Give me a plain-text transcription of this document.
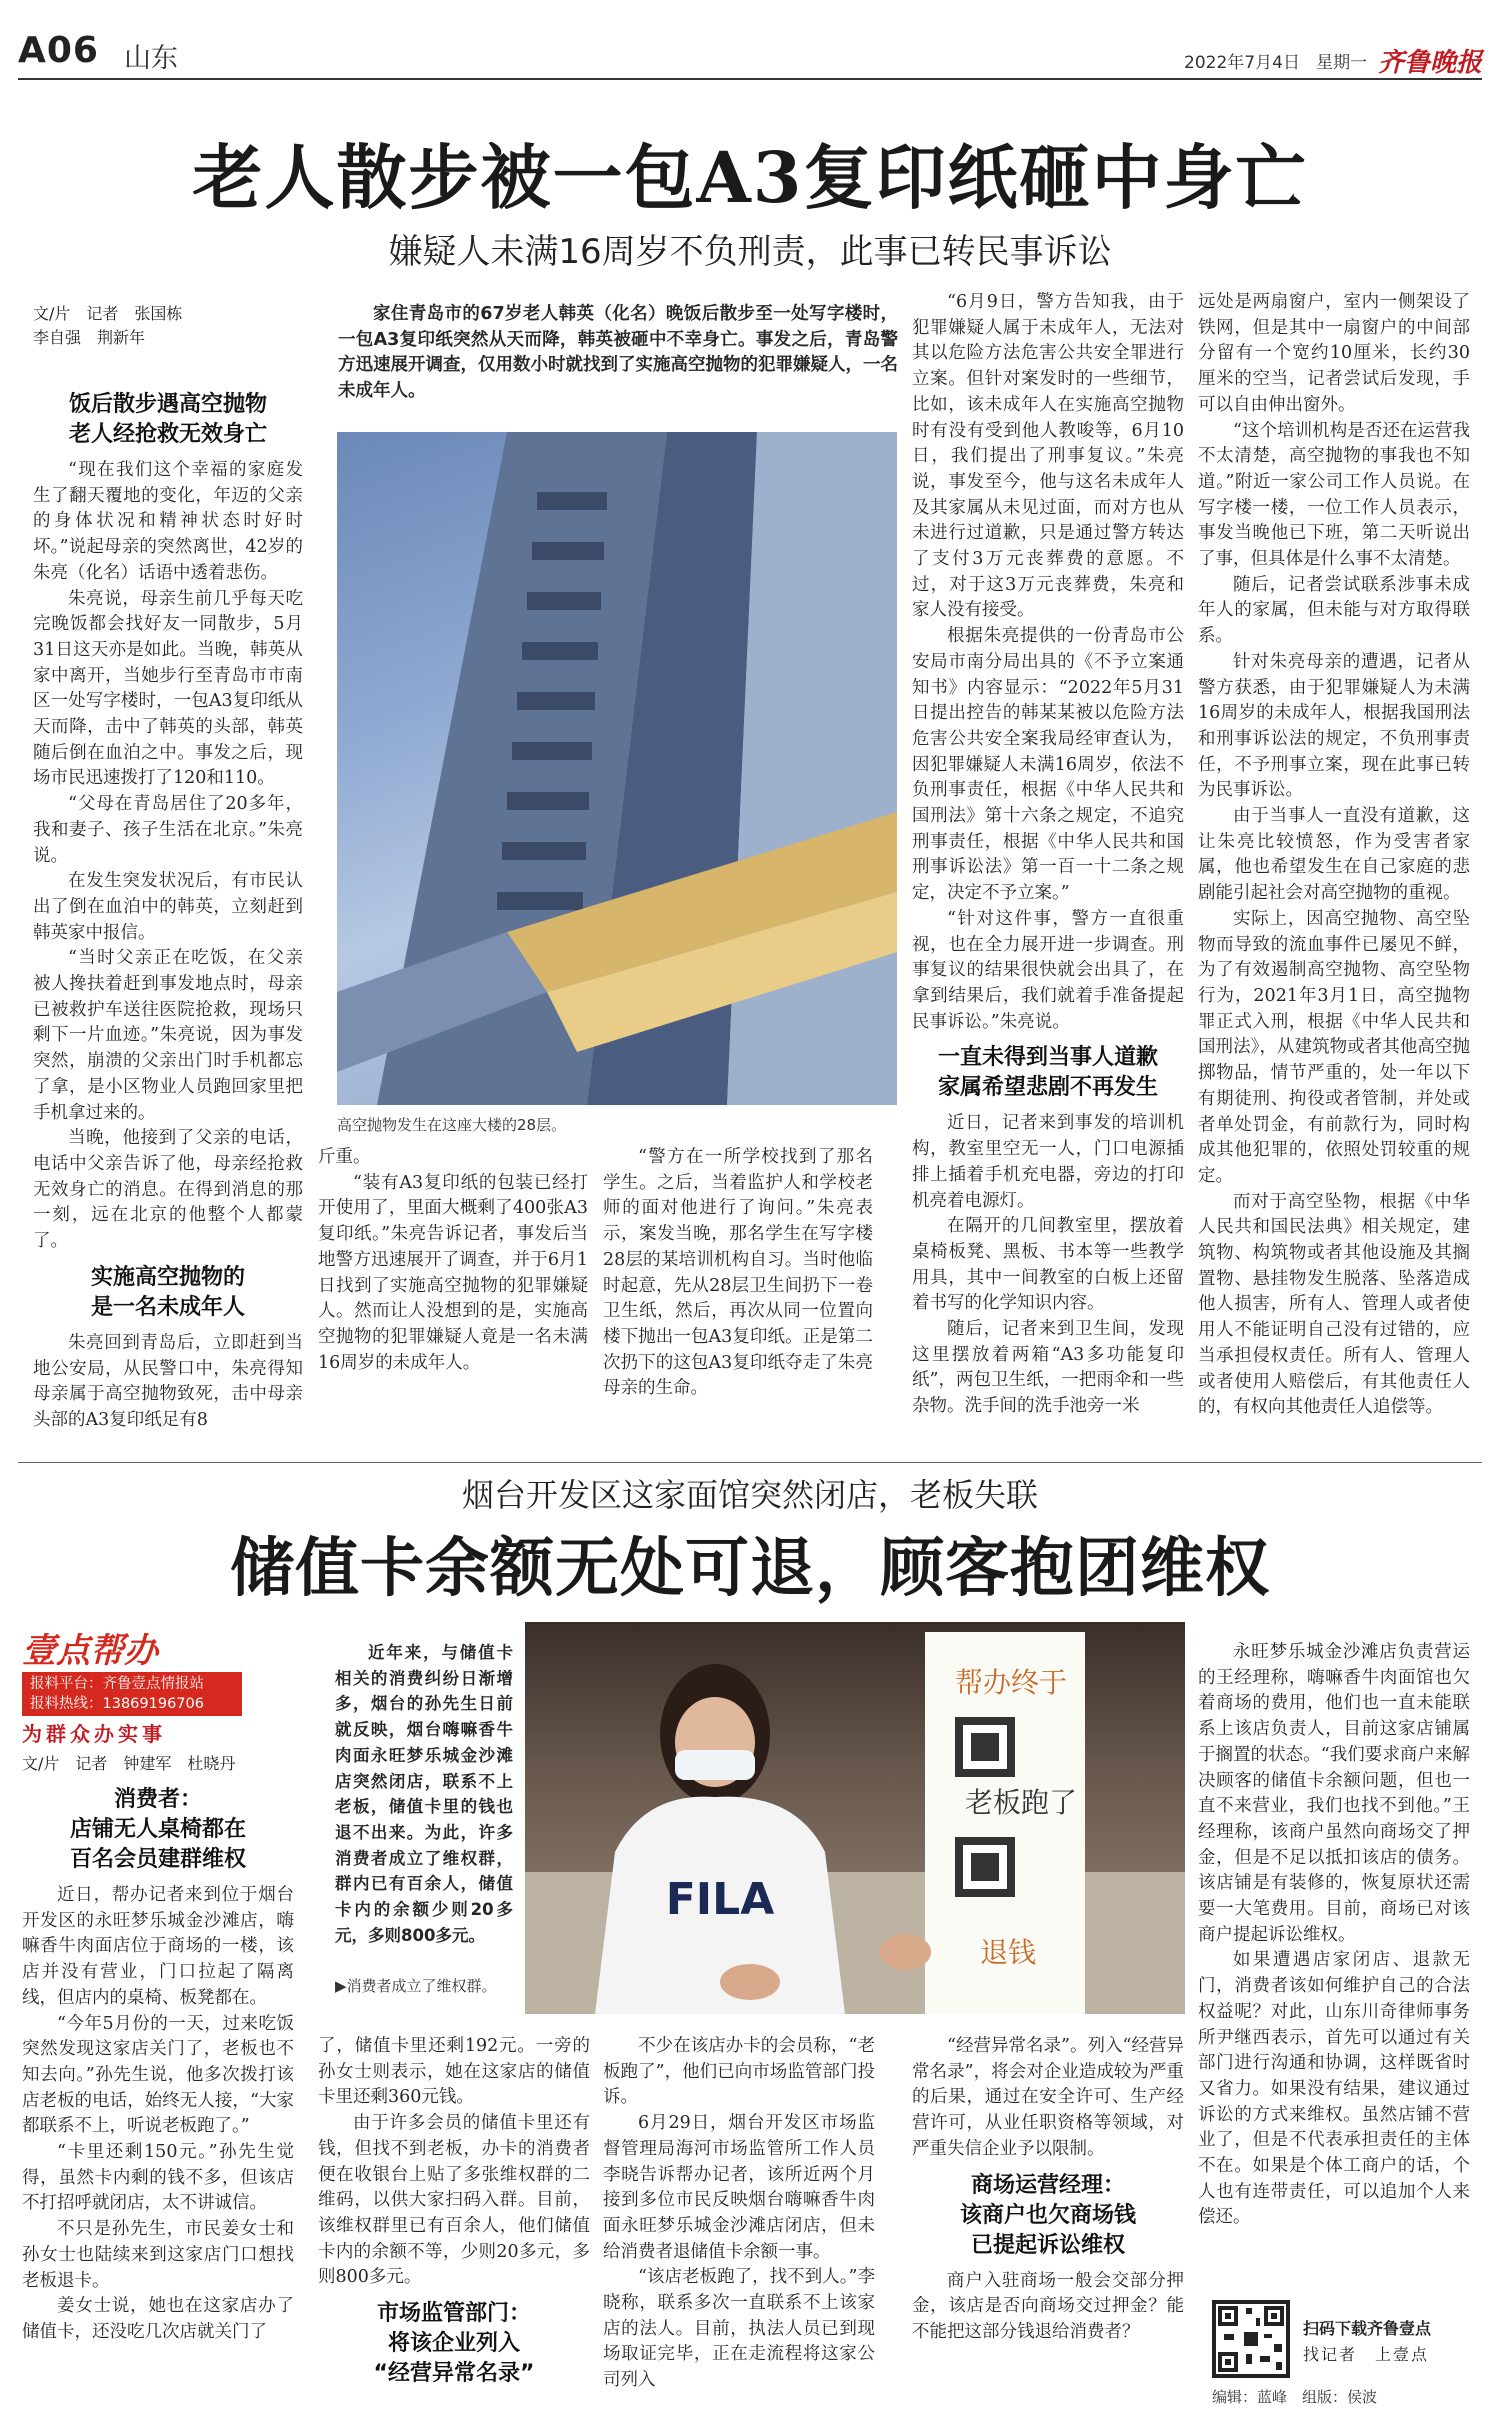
A06 山东	2022年7月4日 星期一 齐鲁晚报
老人散步被一包A3复印纸砸中身亡
嫌疑人未满16周岁不负刑责，此事已转民事诉讼
文/片　记者　张国栋
李自强　荆新年

家住青岛市的67岁老人韩英（化名）晚饭后散步至一处写字楼时，一包A3复印纸突然从天而降，韩英被砸中不幸身亡。事发之后，青岛警方迅速展开调查，仅用数小时就找到了实施高空抛物的犯罪嫌疑人，一名未成年人。

高空抛物发生在这座大楼的28层。
饭后散步遇高空抛物
老人经抢救无效身亡

“现在我们这个幸福的家庭发生了翻天覆地的变化，年迈的父亲的身体状况和精神状态时好时坏。”说起母亲的突然离世，42岁的朱亮（化名）话语中透着悲伤。

朱亮说，母亲生前几乎每天吃完晚饭都会找好友一同散步，5月31日这天亦是如此。当晚，韩英从家中离开，当她步行至青岛市市南区一处写字楼时，一包A3复印纸从天而降，击中了韩英的头部，韩英随后倒在血泊之中。事发之后，现场市民迅速拨打了120和110。

“父母在青岛居住了20多年，我和妻子、孩子生活在北京。”朱亮说。

在发生突发状况后，有市民认出了倒在血泊中的韩英，立刻赶到韩英家中报信。

“当时父亲正在吃饭，在父亲被人搀扶着赶到事发地点时，母亲已被救护车送往医院抢救，现场只剩下一片血迹。”朱亮说，因为事发突然，崩溃的父亲出门时手机都忘了拿，是小区物业人员跑回家里把手机拿过来的。

当晚，他接到了父亲的电话，电话中父亲告诉了他，母亲经抢救无效身亡的消息。在得到消息的那一刻，远在北京的他整个人都蒙了。

实施高空抛物的
是一名未成年人

朱亮回到青岛后，立即赶到当地公安局，从民警口中，朱亮得知母亲属于高空抛物致死，击中母亲头部的A3复印纸足有8

斤重。

“装有A3复印纸的包装已经打开使用了，里面大概剩了400张A3复印纸。”朱亮告诉记者，事发后当地警方迅速展开了调查，并于6月1日找到了实施高空抛物的犯罪嫌疑人。然而让人没想到的是，实施高空抛物的犯罪嫌疑人竟是一名未满16周岁的未成年人。

“警方在一所学校找到了那名学生。之后，当着监护人和学校老师的面对他进行了询问。”朱亮表示，案发当晚，那名学生在写字楼28层的某培训机构自习。当时他临时起意，先从28层卫生间扔下一卷卫生纸，然后，再次从同一位置向楼下抛出一包A3复印纸。正是第二次扔下的这包A3复印纸夺走了朱亮母亲的生命。

“6月9日，警方告知我，由于犯罪嫌疑人属于未成年人，无法对其以危险方法危害公共安全罪进行立案。但针对案发时的一些细节，比如，该未成年人在实施高空抛物时有没有受到他人教唆等，6月10日，我们提出了刑事复议。”朱亮说，事发至今，他与这名未成年人及其家属从未见过面，而对方也从未进行过道歉，只是通过警方转达了支付3万元丧葬费的意愿。不过，对于这3万元丧葬费，朱亮和家人没有接受。

根据朱亮提供的一份青岛市公安局市南分局出具的《不予立案通知书》内容显示：“2022年5月31日提出控告的韩某某被以危险方法危害公共安全案我局经审查认为，因犯罪嫌疑人未满16周岁，依法不负刑事责任，根据《中华人民共和国刑法》第十六条之规定，不追究刑事责任，根据《中华人民共和国刑事诉讼法》第一百一十二条之规定，决定不予立案。”

“针对这件事，警方一直很重视，也在全力展开进一步调查。刑事复议的结果很快就会出具了，在拿到结果后，我们就着手准备提起民事诉讼。”朱亮说。

一直未得到当事人道歉
家属希望悲剧不再发生

近日，记者来到事发的培训机构，教室里空无一人，门口电源插排上插着手机充电器，旁边的打印机亮着电源灯。

在隔开的几间教室里，摆放着桌椅板凳、黑板、书本等一些教学用具，其中一间教室的白板上还留着书写的化学知识内容。

随后，记者来到卫生间，发现这里摆放着两箱“A3多功能复印纸”，两包卫生纸，一把雨伞和一些杂物。洗手间的洗手池旁一米

远处是两扇窗户，室内一侧架设了铁网，但是其中一扇窗户的中间部分留有一个宽约10厘米，长约30厘米的空当，记者尝试后发现，手可以自由伸出窗外。

“这个培训机构是否还在运营我不太清楚，高空抛物的事我也不知道。”附近一家公司工作人员说。在写字楼一楼，一位工作人员表示，事发当晚他已下班，第二天听说出了事，但具体是什么事不太清楚。

随后，记者尝试联系涉事未成年人的家属，但未能与对方取得联系。

针对朱亮母亲的遭遇，记者从警方获悉，由于犯罪嫌疑人为未满16周岁的未成年人，根据我国刑法和刑事诉讼法的规定，不负刑事责任，不予刑事立案，现在此事已转为民事诉讼。

由于当事人一直没有道歉，这让朱亮比较愤怒，作为受害者家属，他也希望发生在自己家庭的悲剧能引起社会对高空抛物的重视。

实际上，因高空抛物、高空坠物而导致的流血事件已屡见不鲜，为了有效遏制高空抛物、高空坠物行为，2021年3月1日，高空抛物罪正式入刑，根据《中华人民共和国刑法》，从建筑物或者其他高空抛掷物品，情节严重的，处一年以下有期徒刑、拘役或者管制，并处或者单处罚金，有前款行为，同时构成其他犯罪的，依照处罚较重的规定。

而对于高空坠物，根据《中华人民共和国民法典》相关规定，建筑物、构筑物或者其他设施及其搁置物、悬挂物发生脱落、坠落造成他人损害，所有人、管理人或者使用人不能证明自己没有过错的，应当承担侵权责任。所有人、管理人或者使用人赔偿后，有其他责任人的，有权向其他责任人追偿等。

烟台开发区这家面馆突然闭店，老板失联
储值卡余额无处可退，顾客抱团维权
壹点帮办
报料平台：齐鲁壹点情报站
报料热线：13869196706
为群众办实事
文/片　记者　钟建军　杜晓丹
消费者：
店铺无人桌椅都在
百名会员建群维权

近日，帮办记者来到位于烟台开发区的永旺梦乐城金沙滩店，嗨嘛香牛肉面店位于商场的一楼，该店并没有营业，门口拉起了隔离线，但店内的桌椅、板凳都在。

“今年5月份的一天，过来吃饭突然发现这家店关门了，老板也不知去向。”孙先生说，他多次拨打该店老板的电话，始终无人接，“大家都联系不上，听说老板跑了。”

“卡里还剩150元。”孙先生觉得，虽然卡内剩的钱不多，但该店不打招呼就闭店，太不讲诚信。

不只是孙先生，市民姜女士和孙女士也陆续来到这家店门口想找老板退卡。

姜女士说，她也在这家店办了储值卡，还没吃几次店就关门了

近年来，与储值卡相关的消费纠纷日渐增多，烟台的孙先生日前就反映，烟台嗨嘛香牛肉面永旺梦乐城金沙滩店突然闭店，联系不上老板，储值卡里的钱也退不出来。为此，许多消费者成立了维权群，群内已有百余人，储值卡内的余额少则20多元，多则800多元。

▶消费者成立了维权群。
FILA
帮办终于
老板跑了
退钱

了，储值卡里还剩192元。一旁的孙女士则表示，她在这家店的储值卡里还剩360元钱。

由于许多会员的储值卡里还有钱，但找不到老板，办卡的消费者便在收银台上贴了多张维权群的二维码，以供大家扫码入群。目前，该维权群里已有百余人，他们储值卡内的余额不等，少则20多元，多则800多元。

市场监管部门：
将该企业列入
“经营异常名录”

不少在该店办卡的会员称，“老板跑了”，他们已向市场监管部门投诉。

6月29日，烟台开发区市场监督管理局海河市场监管所工作人员李晓告诉帮办记者，该所近两个月接到多位市民反映烟台嗨嘛香牛肉面永旺梦乐城金沙滩店闭店，但未给消费者退储值卡余额一事。

“该店老板跑了，找不到人。”李晓称，联系多次一直联系不上该家店的法人。目前，执法人员已到现场取证完毕，正在走流程将这家公司列入

“经营异常名录”。列入“经营异常名录”，将会对企业造成较为严重的后果，通过在安全许可、生产经营许可，从业任职资格等领域，对严重失信企业予以限制。

商场运营经理：
该商户也欠商场钱
已提起诉讼维权

商户入驻商场一般会交部分押金，该店是否向商场交过押金？能不能把这部分钱退给消费者？

永旺梦乐城金沙滩店负责营运的王经理称，嗨嘛香牛肉面馆也欠着商场的费用，他们也一直未能联系上该店负责人，目前这家店铺属于搁置的状态。“我们要求商户来解决顾客的储值卡余额问题，但也一直不来营业，我们也找不到他。”王经理称，该商户虽然向商场交了押金，但是不足以抵扣该店的债务。该店铺是有装修的，恢复原状还需要一大笔费用。目前，商场已对该商户提起诉讼维权。

如果遭遇店家闭店、退款无门，消费者该如何维护自己的合法权益呢？对此，山东川奇律师事务所尹继西表示，首先可以通过有关部门进行沟通和协调，这样既省时又省力。如果没有结果，建议通过诉讼的方式来维权。虽然店铺不营业了，但是不代表承担责任的主体不在。如果是个体工商户的话，个人也有连带责任，可以追加个人来偿还。

扫码下载齐鲁壹点
找记者　上壹点
编辑：蓝峰　组版：侯波
